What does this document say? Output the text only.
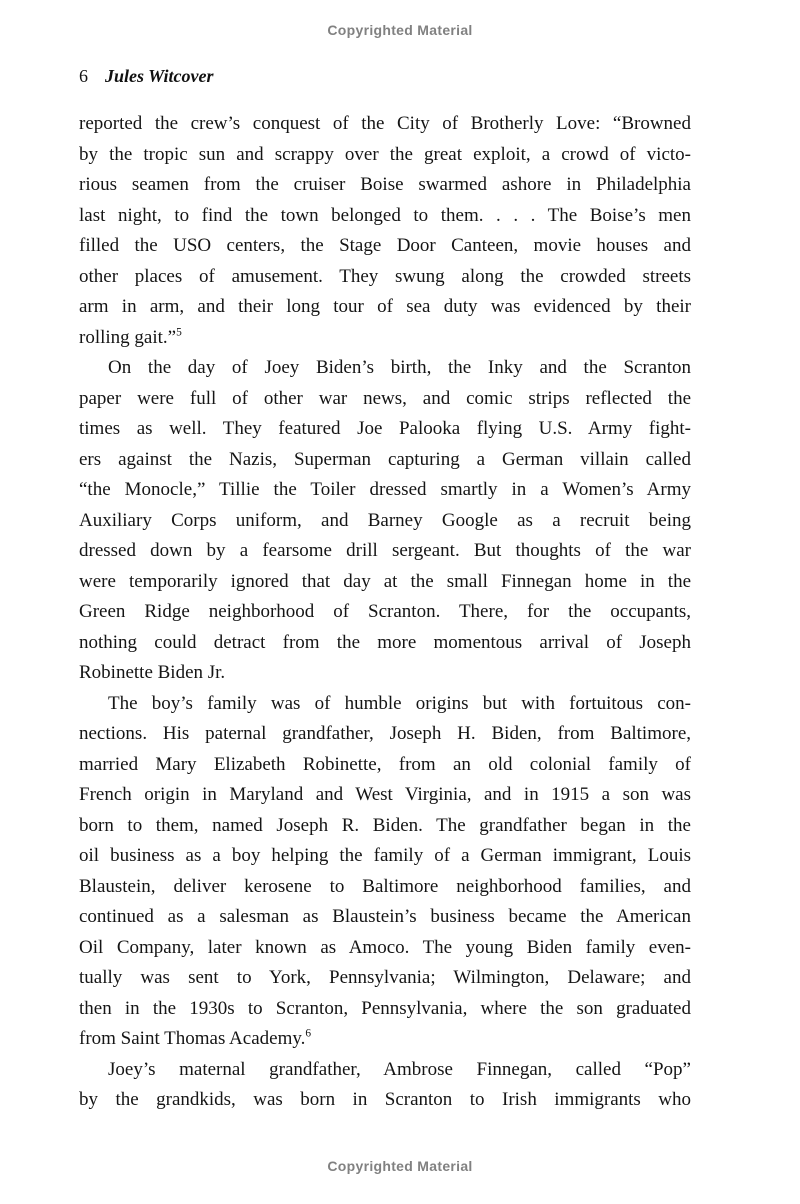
Copyrighted Material
6 Jules Witcover
reported the crew’s conquest of the City of Brotherly Love: “Browned
by the tropic sun and scrappy over the great exploit, a crowd of victo-
rious seamen from the cruiser Boise swarmed ashore in Philadelphia
last night, to find the town belonged to them. . . . The Boise’s men
filled the USO centers, the Stage Door Canteen, movie houses and
other places of amusement. They swung along the crowded streets
arm in arm, and their long tour of sea duty was evidenced by their
rolling gait.”$^5$
On the day of Joey Biden’s birth, the Inky and the Scranton
paper were full of other war news, and comic strips reflected the
times as well. They featured Joe Palooka flying U.S. Army fight-
ers against the Nazis, Superman capturing a German villain called
“the Monocle,” Tillie the Toiler dressed smartly in a Women’s Army
Auxiliary Corps uniform, and Barney Google as a recruit being
dressed down by a fearsome drill sergeant. But thoughts of the war
were temporarily ignored that day at the small Finnegan home in the
Green Ridge neighborhood of Scranton. There, for the occupants,
nothing could detract from the more momentous arrival of Joseph
Robinette Biden Jr.
The boy’s family was of humble origins but with fortuitous con-
nections. His paternal grandfather, Joseph H. Biden, from Baltimore,
married Mary Elizabeth Robinette, from an old colonial family of
French origin in Maryland and West Virginia, and in 1915 a son was
born to them, named Joseph R. Biden. The grandfather began in the
oil business as a boy helping the family of a German immigrant, Louis
Blaustein, deliver kerosene to Baltimore neighborhood families, and
continued as a salesman as Blaustein’s business became the American
Oil Company, later known as Amoco. The young Biden family even-
tually was sent to York, Pennsylvania; Wilmington, Delaware; and
then in the 1930s to Scranton, Pennsylvania, where the son graduated
from Saint Thomas Academy.$^6$
Joey’s maternal grandfather, Ambrose Finnegan, called “Pop”
by the grandkids, was born in Scranton to Irish immigrants who
Copyrighted Material
